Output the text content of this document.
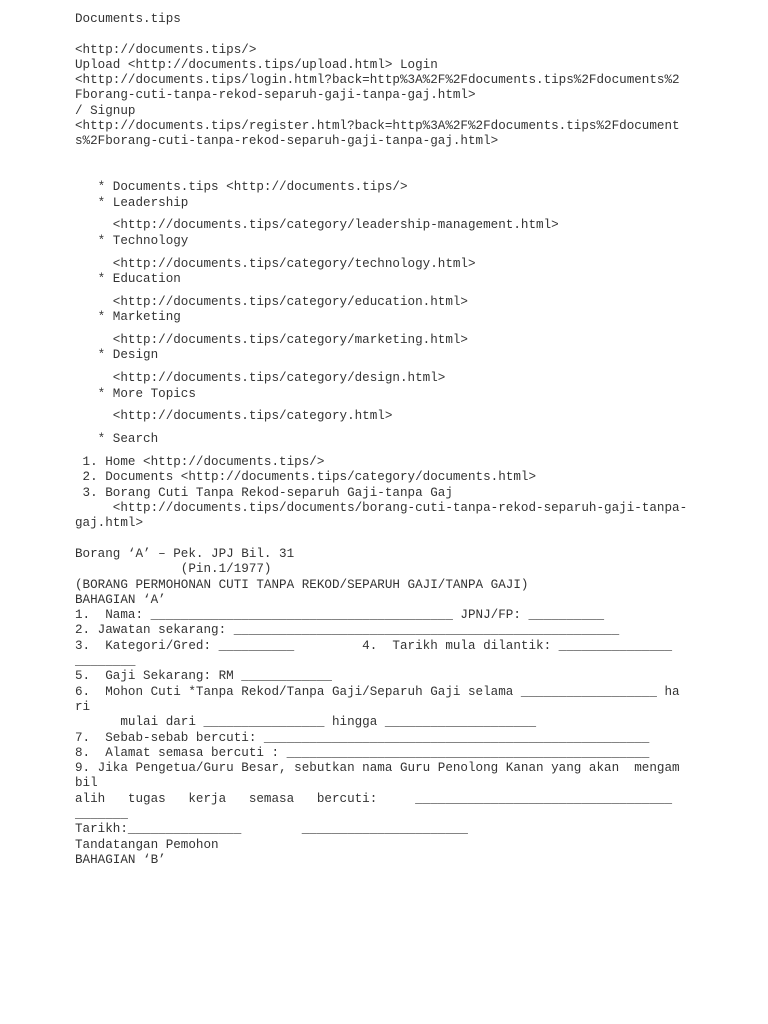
Documents.tips
<http://documents.tips/>
Upload <http://documents.tips/upload.html> Login
<http://documents.tips/login.html?back=http%3A%2F%2Fdocuments.tips%2Fdocuments%2
Fborang-cuti-tanpa-rekod-separuh-gaji-tanpa-gaj.html>
/ Signup
<http://documents.tips/register.html?back=http%3A%2F%2Fdocuments.tips%2Fdocument
s%2Fborang-cuti-tanpa-rekod-separuh-gaji-tanpa-gaj.html>
* Documents.tips <http://documents.tips/>
* Leadership
<http://documents.tips/category/leadership-management.html>
* Technology
<http://documents.tips/category/technology.html>
* Education
<http://documents.tips/category/education.html>
* Marketing
<http://documents.tips/category/marketing.html>
* Design
<http://documents.tips/category/design.html>
* More Topics
<http://documents.tips/category.html>
* Search
1. Home <http://documents.tips/>
2. Documents <http://documents.tips/category/documents.html>
3. Borang Cuti Tanpa Rekod-separuh Gaji-tanpa Gaj
<http://documents.tips/documents/borang-cuti-tanpa-rekod-separuh-gaji-tanpa-
gaj.html>
Borang ‘A’ – Pek. JPJ Bil. 31
(Pin.1/1977)
(BORANG PERMOHONAN CUTI TANPA REKOD/SEPARUH GAJI/TANPA GAJI)
BAHAGIAN ‘A’
1.  Nama: ________________________________________ JPNJ/FP: __________
2. Jawatan sekarang: ___________________________________________________
3.  Kategori/Gred: __________         4.  Tarikh mula dilantik: _______________
________
5.  Gaji Sekarang: RM ____________
6.  Mohon Cuti *Tanpa Rekod/Tanpa Gaji/Separuh Gaji selama __________________ ha
ri
mulai dari ________________ hingga ____________________
7.  Sebab-sebab bercuti: ___________________________________________________
8.  Alamat semasa bercuti : ________________________________________________
9. Jika Pengetua/Guru Besar, sebutkan nama Guru Penolong Kanan yang akan  mengam
bil
alih   tugas   kerja   semasa   bercuti:     __________________________________
_______
Tarikh:_______________        ______________________
Tandatangan Pemohon
BAHAGIAN ‘B’
